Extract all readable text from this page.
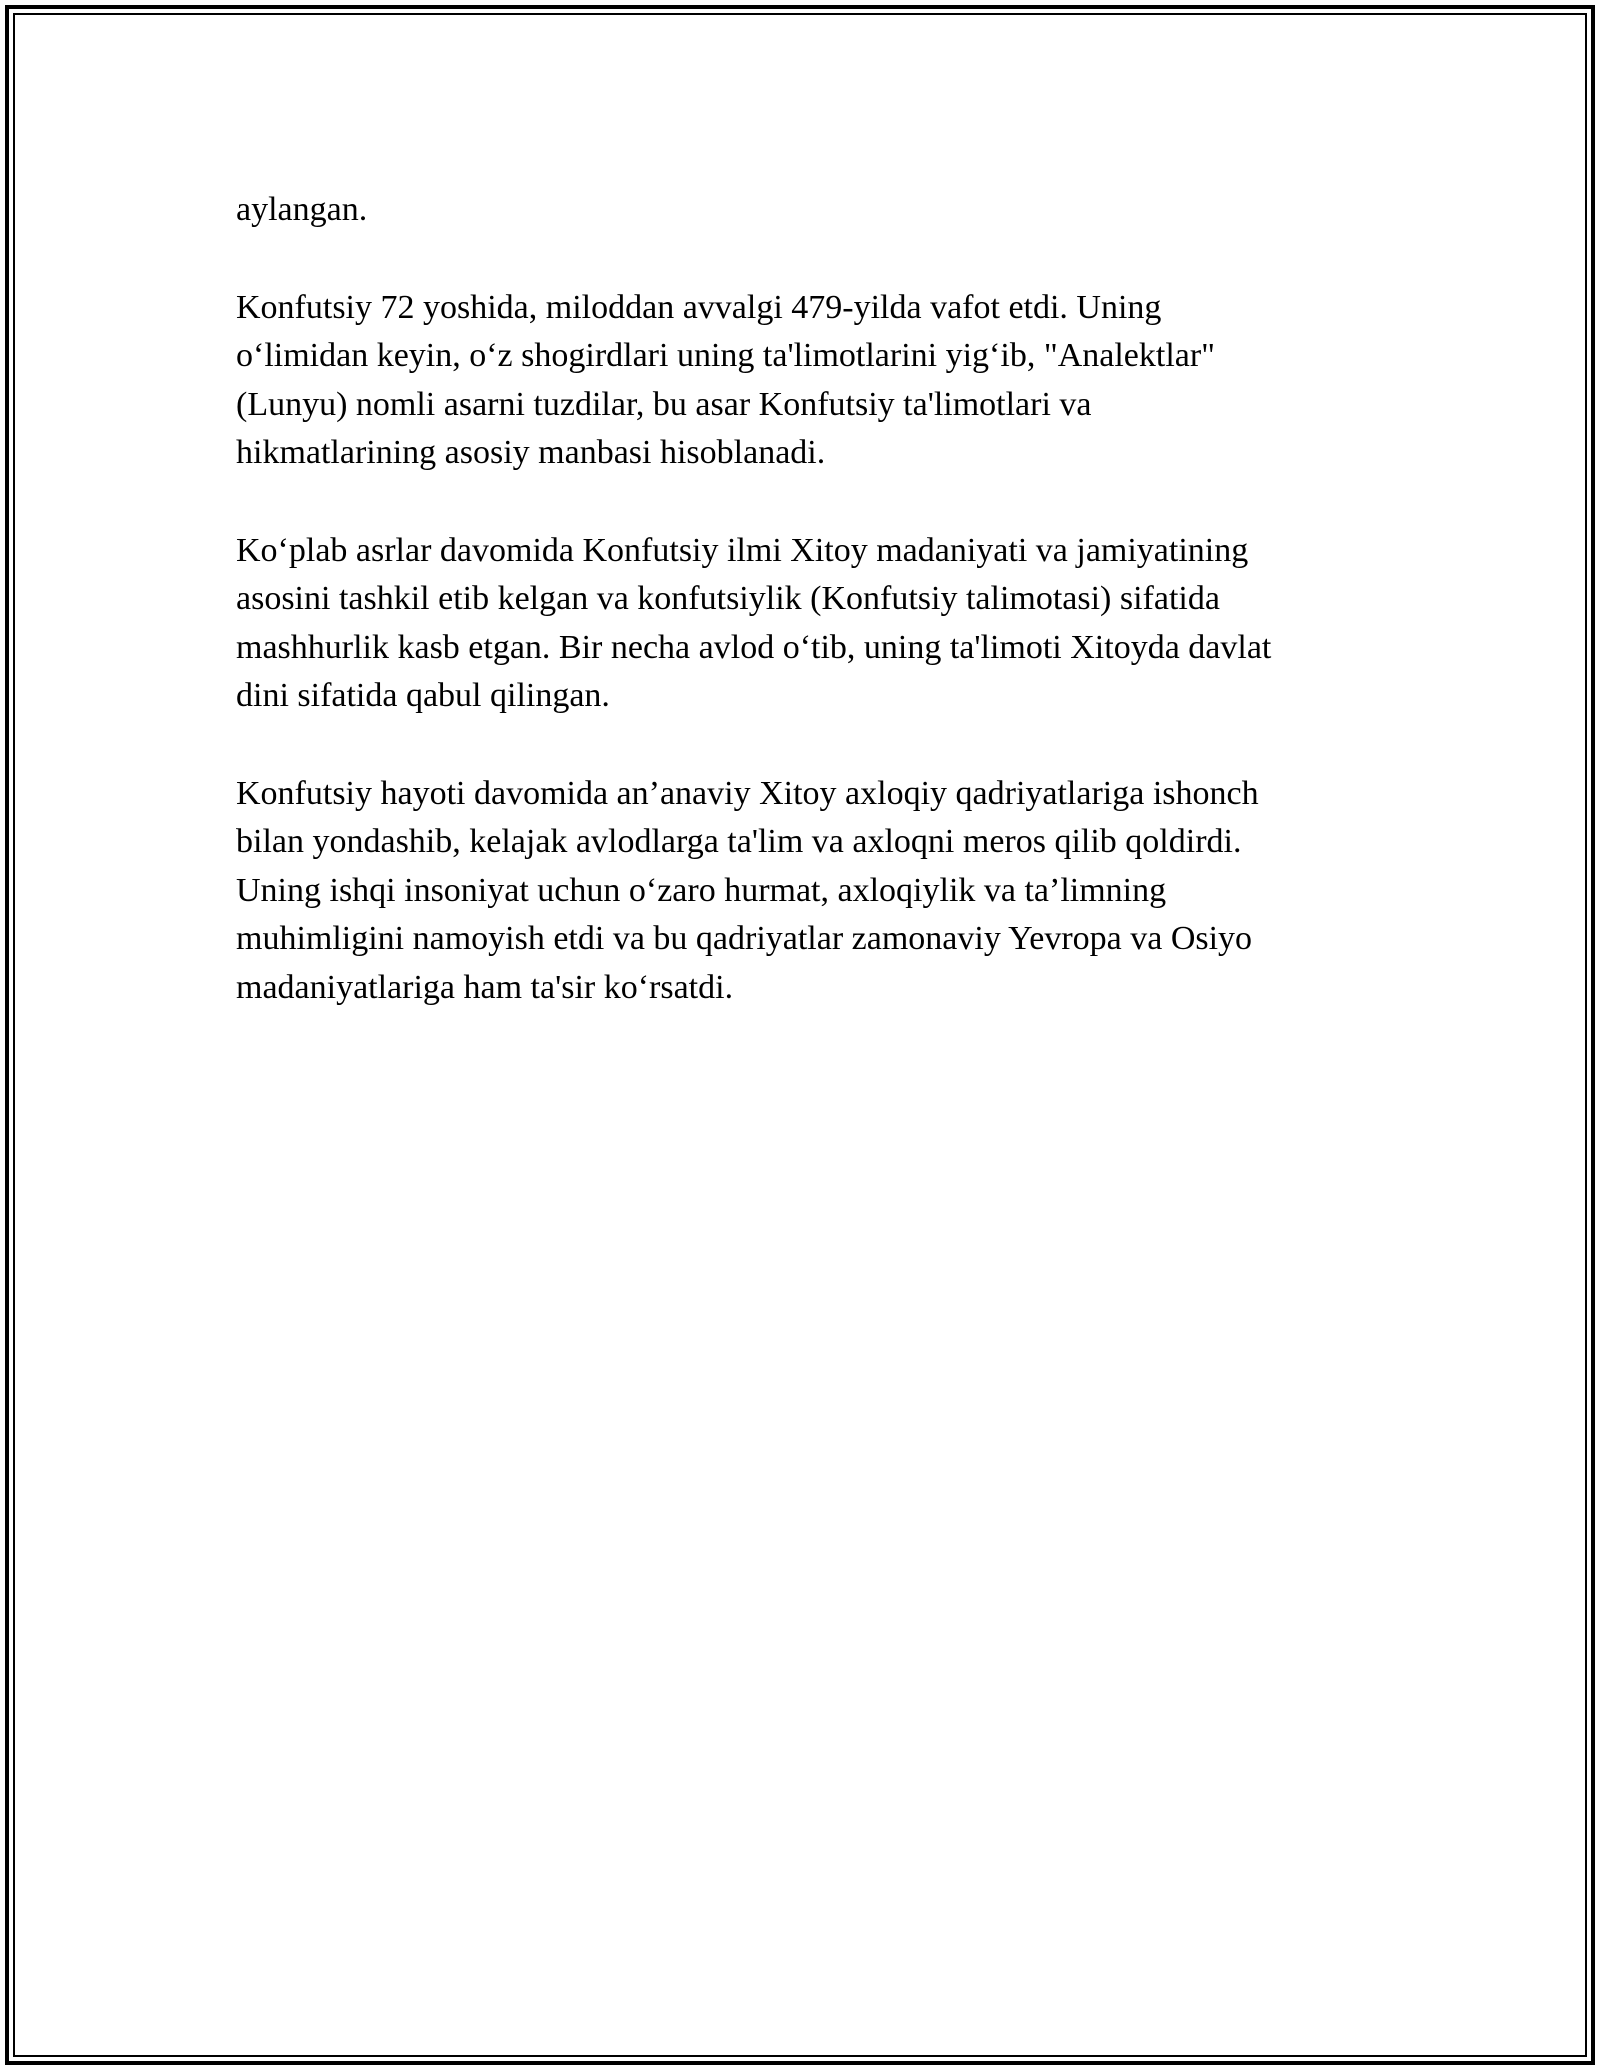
aylangan.

Konfutsiy 72 yoshida, miloddan avvalgi 479-yilda vafot etdi. Uning
o‘limidan keyin, o‘z shogirdlari uning ta'limotlarini yig‘ib, "Analektlar"
(Lunyu) nomli asarni tuzdilar, bu asar Konfutsiy ta'limotlari va
hikmatlarining asosiy manbasi hisoblanadi.

Ko‘plab asrlar davomida Konfutsiy ilmi Xitoy madaniyati va jamiyatining
asosini tashkil etib kelgan va konfutsiylik (Konfutsiy talimotasi) sifatida
mashhurlik kasb etgan. Bir necha avlod o‘tib, uning ta'limoti Xitoyda davlat
dini sifatida qabul qilingan.

Konfutsiy hayoti davomida an’anaviy Xitoy axloqiy qadriyatlariga ishonch
bilan yondashib, kelajak avlodlarga ta'lim va axloqni meros qilib qoldirdi.
Uning ishqi insoniyat uchun o‘zaro hurmat, axloqiylik va ta’limning
muhimligini namoyish etdi va bu qadriyatlar zamonaviy Yevropa va Osiyo
madaniyatlariga ham ta'sir ko‘rsatdi.
